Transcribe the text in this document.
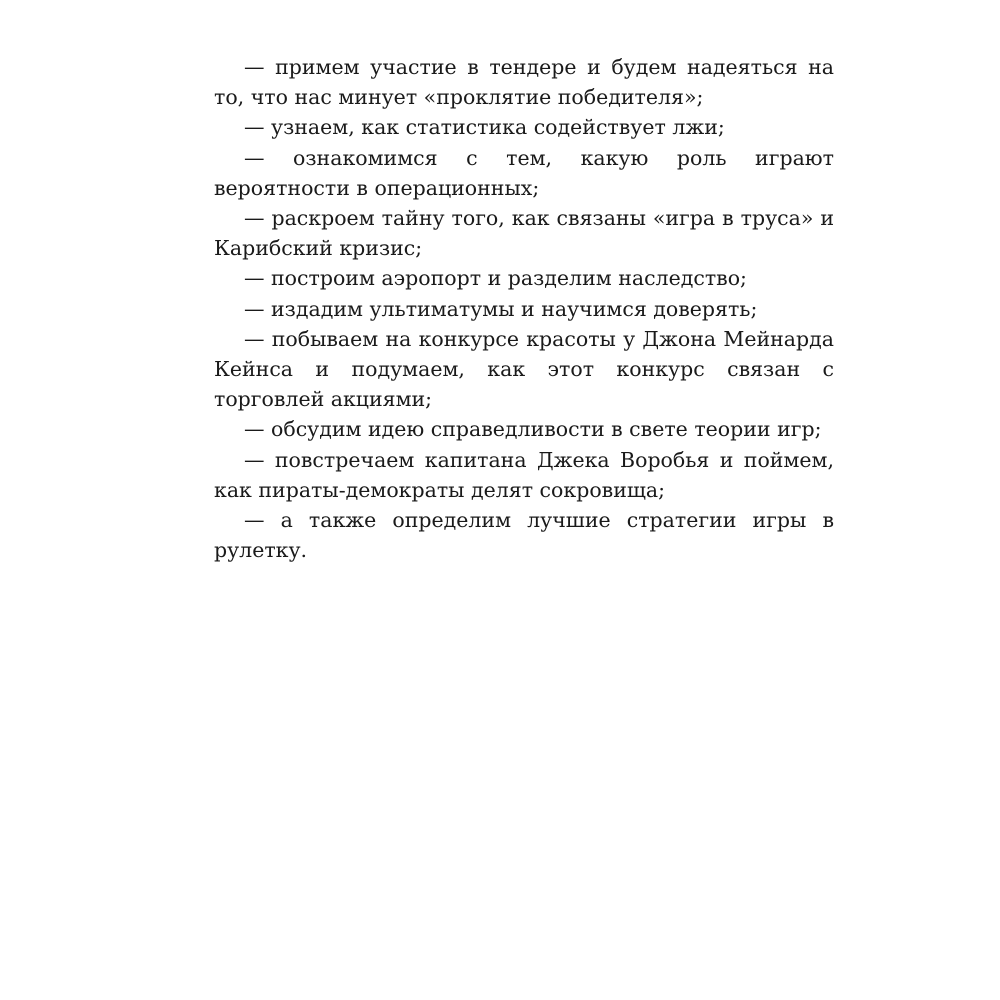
— примем участие в тендере и будем надеяться на то, что нас минует «проклятие победителя»;

— узнаем, как статистика содействует лжи;

— ознакомимся с тем, какую роль играют вероятности в операционных;

— раскроем тайну того, как связаны «игра в труса» и Карибский кризис;

— построим аэропорт и разделим наследство;

— издадим ультиматумы и научимся доверять;

— побываем на конкурсе красоты у Джона Мейнарда Кейнса и подумаем, как этот конкурс связан с торговлей акциями;

— обсудим идею справедливости в свете теории игр;

— повстречаем капитана Джека Воробья и поймем, как пираты-демократы делят сокровища;

— а также определим лучшие стратегии игры в рулетку.
